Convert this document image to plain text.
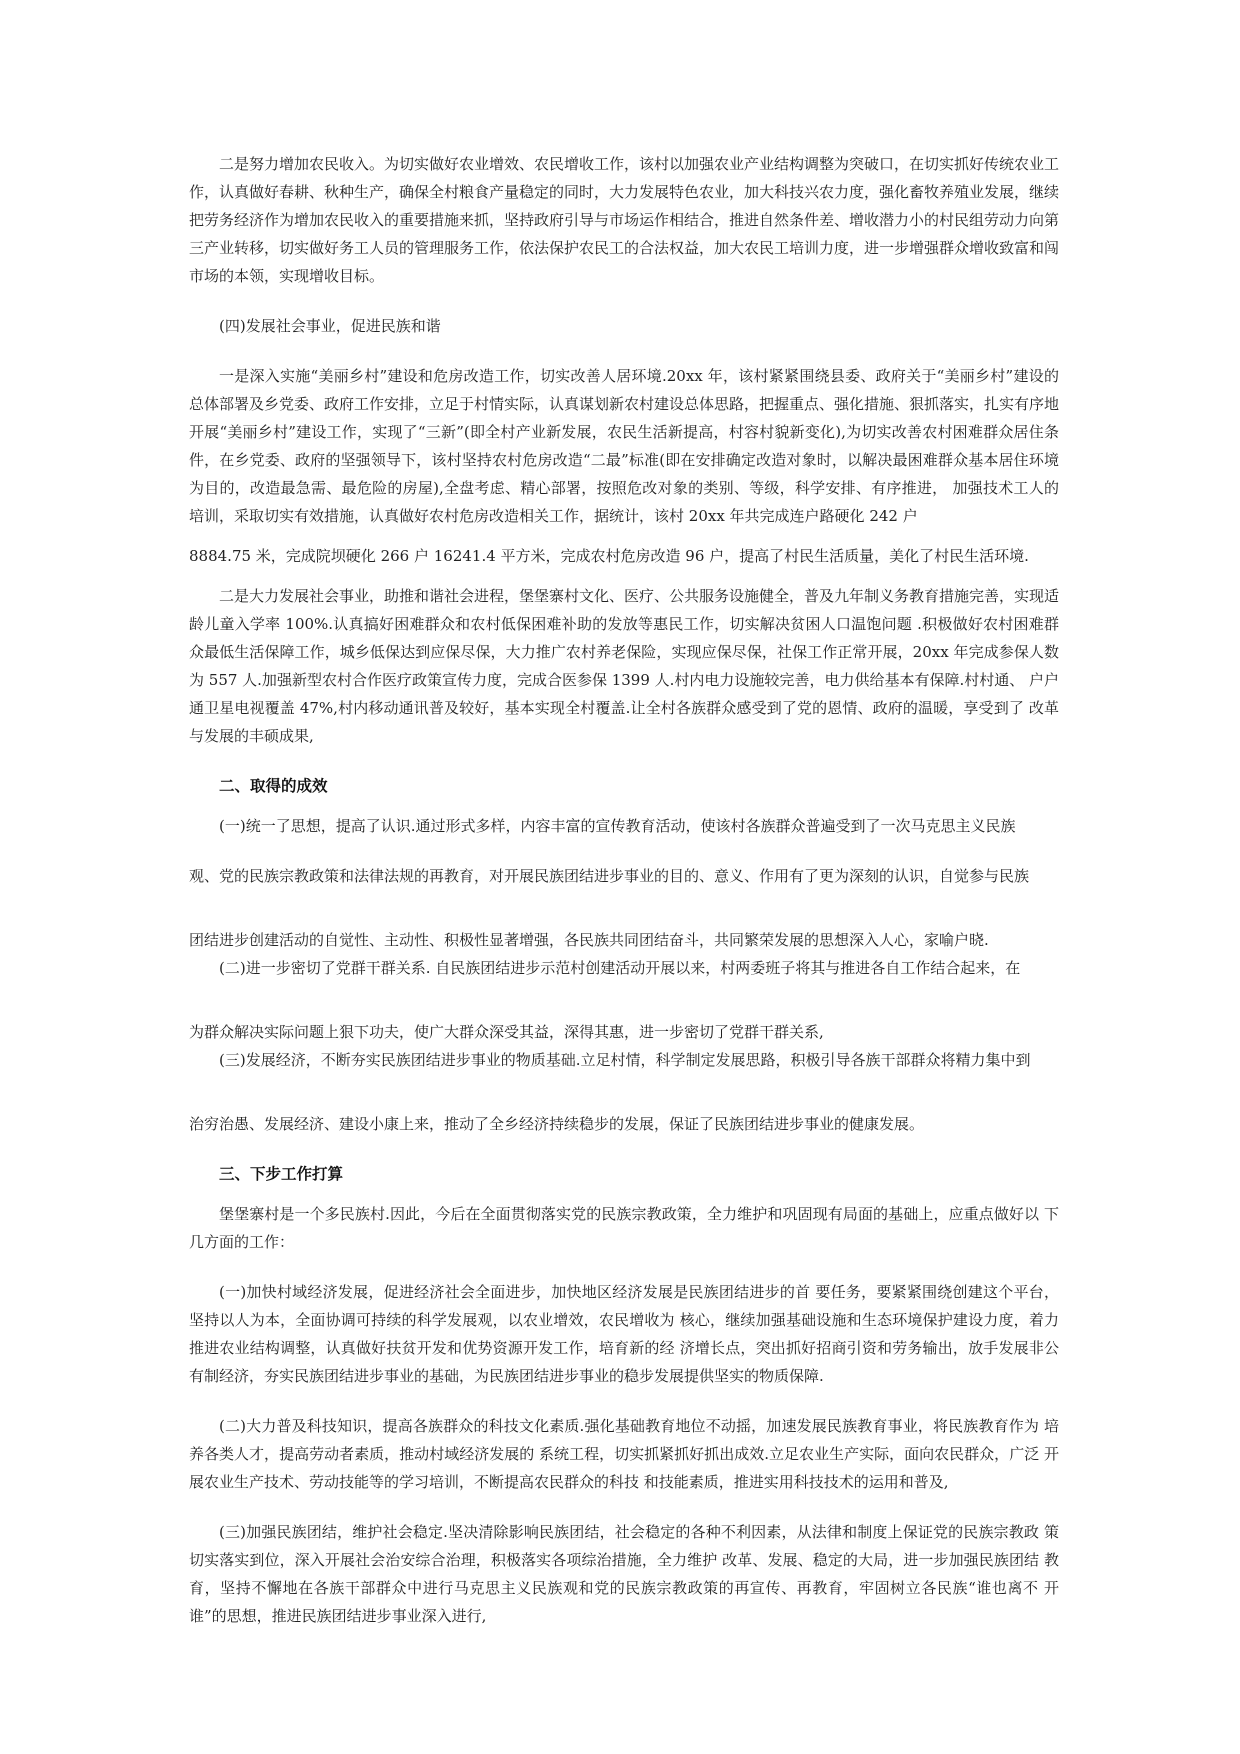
二是努力增加农民收入。为切实做好农业增效、农民增收工作，该村以加强农业产业结构调整为突破口，在切实抓好传统农业工作，认真做好春耕、秋种生产，确保全村粮食产量稳定的同时，大力发展特色农业，加大科技兴农力度，强化畜牧养殖业发展，继续把劳务经济作为增加农民收入的重要措施来抓，坚持政府引导与市场运作相结合，推进自然条件差、增收潜力小的村民组劳动力向第三产业转移，切实做好务工人员的管理服务工作，依法保护农民工的合法权益，加大农民工培训力度，进一步增强群众增收致富和闯市场的本领，实现增收目标。

(四)发展社会事业，促进民族和谐

一是深入实施“美丽乡村”建设和危房改造工作，切实改善人居环境.20xx 年，该村紧紧围绕县委、政府关于“美丽乡村”建设的总体部署及乡党委、政府工作安排，立足于村情实际，认真谋划新农村建设总体思路，把握重点、强化措施、狠抓落实，扎实有序地开展“美丽乡村”建设工作，实现了“三新”(即全村产业新发展，农民生活新提高，村容村貌新变化),为切实改善农村困难群众居住条件，在乡党委、政府的坚强领导下，该村坚持农村危房改造“二最”标准(即在安排确定改造对象时，以解决最困难群众基本居住环境为目的，改造最急需、最危险的房屋),全盘考虑、精心部署，按照危改对象的类别、等级，科学安排、有序推进， 加强技术工人的培训，采取切实有效措施，认真做好农村危房改造相关工作，据统计，该村 20xx 年共完成连户路硬化 242 户

8884.75 米，完成院坝硬化 266 户 16241.4 平方米，完成农村危房改造 96 户，提高了村民生活质量，美化了村民生活环境.

二是大力发展社会事业，助推和谐社会进程，堡堡寨村文化、医疗、公共服务设施健全，普及九年制义务教育措施完善，实现适龄儿童入学率 100%.认真搞好困难群众和农村低保困难补助的发放等惠民工作，切实解决贫困人口温饱问题 .积极做好农村困难群众最低生活保障工作，城乡低保达到应保尽保，大力推广农村养老保险，实现应保尽保，社保工作正常开展，20xx 年完成参保人数为 557 人.加强新型农村合作医疗政策宣传力度，完成合医参保 1399 人.村内电力设施较完善，电力供给基本有保障.村村通、 户户通卫星电视覆盖 47%,村内移动通讯普及较好，基本实现全村覆盖.让全村各族群众感受到了党的恩情、政府的温暖，享受到了 改革与发展的丰硕成果,

二、取得的成效

(一)统一了思想，提高了认识.通过形式多样，内容丰富的宣传教育活动，使该村各族群众普遍受到了一次马克思主义民族

观、党的民族宗教政策和法律法规的再教育，对开展民族团结进步事业的目的、意义、作用有了更为深刻的认识，自觉参与民族

团结进步创建活动的自觉性、主动性、积极性显著增强，各民族共同团结奋斗，共同繁荣发展的思想深入人心，家喻户晓.

(二)进一步密切了党群干群关系. 自民族团结进步示范村创建活动开展以来，村两委班子将其与推进各自工作结合起来，在

为群众解决实际问题上狠下功夫，使广大群众深受其益，深得其惠，进一步密切了党群干群关系,

(三)发展经济，不断夯实民族团结进步事业的物质基础.立足村情，科学制定发展思路，积极引导各族干部群众将精力集中到

治穷治愚、发展经济、建设小康上来，推动了全乡经济持续稳步的发展，保证了民族团结进步事业的健康发展。

三、下步工作打算

堡堡寨村是一个多民族村.因此，今后在全面贯彻落实党的民族宗教政策，全力维护和巩固现有局面的基础上，应重点做好以 下几方面的工作：

(一)加快村域经济发展，促进经济社会全面进步，加快地区经济发展是民族团结进步的首 要任务，要紧紧围绕创建这个平台， 坚持以人为本，全面协调可持续的科学发展观，以农业增效，农民增收为 核心，继续加强基础设施和生态环境保护建设力度，着力 推进农业结构调整，认真做好扶贫开发和优势资源开发工作，培育新的经 济增长点，突出抓好招商引资和劳务输出，放手发展非公 有制经济，夯实民族团结进步事业的基础，为民族团结进步事业的稳步发展提供坚实的物质保障.

(二)大力普及科技知识，提高各族群众的科技文化素质.强化基础教育地位不动摇，加速发展民族教育事业，将民族教育作为 培养各类人才，提高劳动者素质，推动村域经济发展的 系统工程，切实抓紧抓好抓出成效.立足农业生产实际，面向农民群众，广泛 开展农业生产技术、劳动技能等的学习培训，不断提高农民群众的科技 和技能素质，推进实用科技技术的运用和普及,

(三)加强民族团结，维护社会稳定.坚决清除影响民族团结，社会稳定的各种不利因素，从法律和制度上保证党的民族宗教政 策切实落实到位，深入开展社会治安综合治理，积极落实各项综治措施，全力维护 改革、发展、稳定的大局，进一步加强民族团结 教育，坚持不懈地在各族干部群众中进行马克思主义民族观和党的民族宗教政策的再宣传、再教育，牢固树立各民族“谁也离不 开谁”的思想，推进民族团结进步事业深入进行,
